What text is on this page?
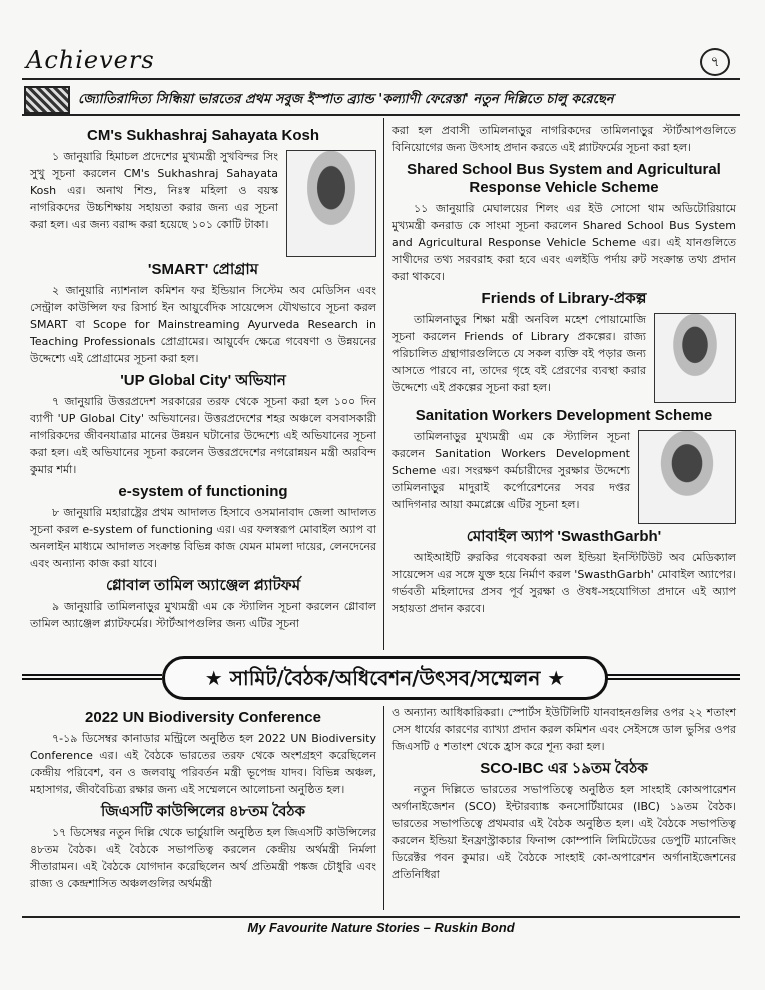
Achievers	৭
জ্যোতিরাদিত্য সিন্ধিয়া ভারতের প্রথম সবুজ ইস্পাত ব্র্যান্ড 'কল্যাণী ফেরেস্তা' নতুন দিল্লিতে চালু করেছেন
CM's Sukhashraj Sahayata Kosh

১ জানুয়ারি হিমাচল প্রদেশের মুখ্যমন্ত্রী সুখবিন্দর সিং সুখু সূচনা করলেন CM's Sukhashraj Sahayata Kosh এর। অনাথ শিশু, নিঃস্ব মহিলা ও বয়স্ক নাগরিকদের উচ্চশিক্ষায় সহায়তা করার জন্য এর সূচনা করা হল। এর জন্য বরাদ্দ করা হয়েছে ১০১ কোটি টাকা।

'SMART' প্রোগ্রাম

২ জানুয়ারি ন্যাশনাল কমিশন ফর ইন্ডিয়ান সিস্টেম অব মেডিসিন এবং সেন্ট্রাল কাউন্সিল ফর রিসার্চ ইন আয়ুর্বেদিক সায়েন্সেস যৌথভাবে সূচনা করল SMART বা Scope for Mainstreaming Ayurveda Research in Teaching Professionals প্রোগ্রামের। আয়ুর্বেদ ক্ষেত্রে গবেষণা ও উন্নয়নের উদ্দেশ্যে এই প্রোগ্রামের সূচনা করা হল।

'UP Global City' অভিযান

৭ জানুয়ারি উত্তরপ্রদেশ সরকারের তরফ থেকে সূচনা করা হল ১০০ দিন ব্যাপী 'UP Global City' অভিযানের। উত্তরপ্রদেশের শহর অঞ্চলে বসবাসকারী নাগরিকদের জীবনযাত্রার মানের উন্নয়ন ঘটানোর উদ্দেশ্যে এই অভিযানের সূচনা করা হল। এই অভিযানের সূচনা করলেন উত্তরপ্রদেশের নগরোন্নয়ন মন্ত্রী অরবিন্দ কুমার শর্মা।

e-system of functioning

৮ জানুয়ারি মহারাষ্ট্রের প্রথম আদালত হিসাবে ওসমানাবাদ জেলা আদালত সূচনা করল e-system of functioning এর। এর ফলস্বরূপ মোবাইল অ্যাপ বা অনলাইন মাধ্যমে আদালত সংক্রান্ত বিভিন্ন কাজ যেমন মামলা দায়ের, লেনদেনের এবং অন্যান্য কাজ করা যাবে।

গ্লোবাল তামিল অ্যাঞ্জেল প্ল্যাটফর্ম

৯ জানুয়ারি তামিলনাড়ুর মুখ্যমন্ত্রী এম কে স্ট্যালিন সূচনা করলেন গ্লোবাল তামিল অ্যাঞ্জেল প্ল্যাটফর্মের। স্টার্টআপগুলির জন্য এটির সূচনা

করা হল প্রবাসী তামিলনাড়ুর নাগরিকদের তামিলনাড়ুর স্টার্টআপগুলিতে বিনিয়োগের জন্য উৎসাহ প্রদান করতে এই প্ল্যাটফর্মের সূচনা করা হল।

Shared School Bus System and Agricultural Response Vehicle Scheme

১১ জানুয়ারি মেঘালয়ের শিলং এর ইউ সোসো থাম অডিটোরিয়ামে মুখ্যমন্ত্রী কনরাড কে সাংমা সূচনা করলেন Shared School Bus System and Agricultural Response Vehicle Scheme এর। এই যানগুলিতে সাথীদের তথ্য সরবরাহ করা হবে এবং এলইডি পর্দায় রুট সংক্রান্ত তথ্য প্রদান করা থাকবে।

Friends of Library-প্রকল্প

তামিলনাড়ুর শিক্ষা মন্ত্রী অনবিল মহেশ পোয়ামোজি সূচনা করলেন Friends of Library প্রকল্পের। রাজ্য পরিচালিত গ্রন্থাগারগুলিতে যে সকল ব্যক্তি বই পড়ার জন্য আসতে পারবে না, তাদের গৃহে বই প্রেরণের ব্যবস্থা করার উদ্দেশ্যে এই প্রকল্পের সূচনা করা হল।

Sanitation Workers Development Scheme

তামিলনাড়ুর মুখ্যমন্ত্রী এম কে স্ট্যালিন সূচনা করলেন Sanitation Workers Development Scheme এর। সংরক্ষণ কর্মচারীদের সুরক্ষার উদ্দেশ্যে তামিলনাড়ুর মাদুরাই কর্পোরেশনের সবর দপ্তর আদিগনার আয়া কমপ্লেক্সে এটির সূচনা হল।

মোবাইল অ্যাপ 'SwasthGarbh'

আইআইটি রুরকির গবেষকরা অল ইন্ডিয়া ইনস্টিটিউট অব মেডিক্যাল সায়েন্সেস এর সঙ্গে যুক্ত হয়ে নির্মাণ করল 'SwasthGarbh' মোবাইল অ্যাপের। গর্ভবতী মহিলাদের প্রসব পূর্ব সুরক্ষা ও ঔষধ-সহযোগিতা প্রদানে এই অ্যাপ সহায়তা প্রদান করবে।

★ সামিট/বৈঠক/অধিবেশন/উৎসব/সম্মেলন ★
2022 UN Biodiversity Conference

৭-১৯ ডিসেম্বর কানাডার মন্ট্রিলে অনুষ্ঠিত হল 2022 UN Biodiversity Conference এর। এই বৈঠকে ভারতের তরফ থেকে অংশগ্রহণ করেছিলেন কেন্দ্রীয় পরিবেশ, বন ও জলবায়ু পরিবর্তন মন্ত্রী ভূপেন্দ্র যাদব। বিভিন্ন অঞ্চল, মহাসাগর, জীববৈচিত্র্য রক্ষার জন্য এই সম্মেলনে আলোচনা অনুষ্ঠিত হল।

জিএসটি কাউন্সিলের ৪৮তম বৈঠক

১৭ ডিসেম্বর নতুন দিল্লি থেকে ভার্চুয়ালি অনুষ্ঠিত হল জিএসটি কাউন্সিলের ৪৮তম বৈঠক। এই বৈঠকে সভাপতিত্ব করলেন কেন্দ্রীয় অর্থমন্ত্রী নির্মলা সীতারামন। এই বৈঠকে যোগদান করেছিলেন অর্থ প্রতিমন্ত্রী পঙ্কজ চৌধুরি এবং রাজ্য ও কেন্দ্রশাসিত অঞ্চলগুলির অর্থমন্ত্রী

ও অন্যান্য আধিকারিকরা। স্পোর্টস ইউটিলিটি যানবাহনগুলির ওপর ২২ শতাংশ সেস ধার্যের কারণের ব্যাখ্যা প্রদান করল কমিশন এবং সেইসঙ্গে ডাল ভুসির ওপর জিএসটি ৫ শতাংশ থেকে হ্রাস করে শূন্য করা হল।

SCO-IBC এর ১৯তম বৈঠক

নতুন দিল্লিতে ভারতের সভাপতিত্বে অনুষ্ঠিত হল সাংহাই কোঅপারেশন অর্গানাইজেশন (SCO) ইন্টারব্যাঙ্ক কনসোর্টিয়ামের (IBC) ১৯তম বৈঠক। ভারতের সভাপতিত্বে প্রথমবার এই বৈঠক অনুষ্ঠিত হল। এই বৈঠকে সভাপতিত্ব করলেন ইন্ডিয়া ইনফ্রাস্ট্রাকচার ফিনান্স কোম্পানি লিমিটেডের ডেপুটি ম্যানেজিং ডিরেক্টর পবন কুমার। এই বৈঠকে সাংহাই কো-অপারেশন অর্গানাইজেশনের প্রতিনিধিরা

My Favourite Nature Stories – Ruskin Bond
